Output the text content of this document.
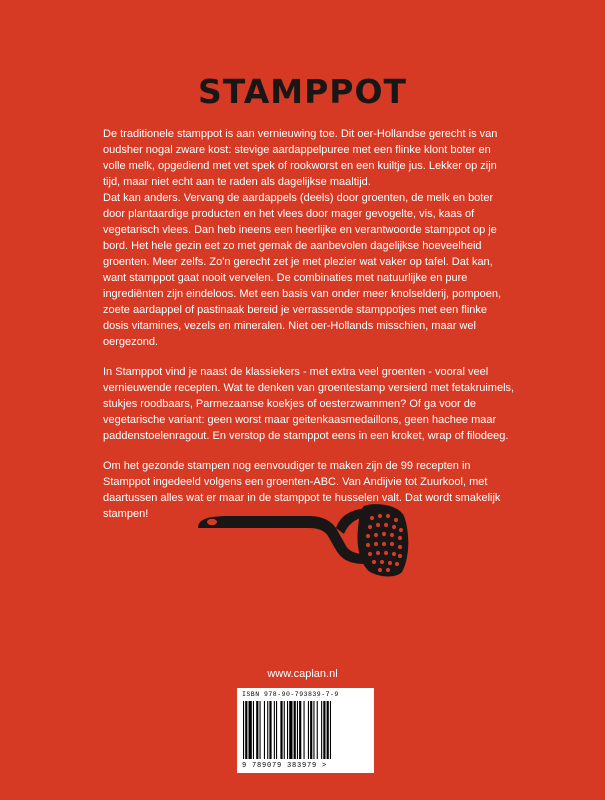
STAMPPOT

De traditionele stamppot is aan vernieuwing toe. Dit oer-Hollandse gerecht is van oudsher nogal zware kost: stevige aardappelpuree met een flinke klont boter en volle melk, opgediend met vet spek of rookworst en een kuiltje jus. Lekker op zijn tijd, maar niet echt aan te raden als dagelijkse maaltijd.
Dat kan anders. Vervang de aardappels (deels) door groenten, de melk en boter door plantaardige producten en het vlees door mager gevogelte, vis, kaas of vegetarisch vlees. Dan heb ineens een heerlijke en verantwoorde stamppot op je bord. Het hele gezin eet zo met gemak de aanbevolen dagelijkse hoeveelheid groenten. Meer zelfs. Zo'n gerecht zet je met plezier wat vaker op tafel. Dat kan, want stamppot gaat nooit vervelen. De combinaties met natuurlijke en pure ingrediënten zijn eindeloos. Met een basis van onder meer knolselderij, pompoen, zoete aardappel of pastinaak bereid je verrassende stamppotjes met een flinke dosis vitamines, vezels en mineralen. Niet oer-Hollands misschien, maar wel oergezond.

In Stamppot vind je naast de klassiekers - met extra veel groenten - vooral veel vernieuwende recepten. Wat te denken van groentestamp versierd met fetakruimels, stukjes roodbaars, Parmezaanse koekjes of oesterzwammen? Of ga voor de vegetarische variant: geen worst maar geitenkaasmedaillons, geen hachee maar paddenstoelenragout. En verstop de stamppot eens in een kroket, wrap of filodeeg.

Om het gezonde stampen nog eenvoudiger te maken zijn de 99 recepten in Stamppot ingedeeld volgens een groenten-ABC. Van Andijvie tot Zuurkool, met daartussen alles wat er maar in de stamppot te husselen valt. Dat wordt smakelijk stampen!

www.caplan.nl
ISBN 978-90-793839-7-9
9 789079 383979 >
